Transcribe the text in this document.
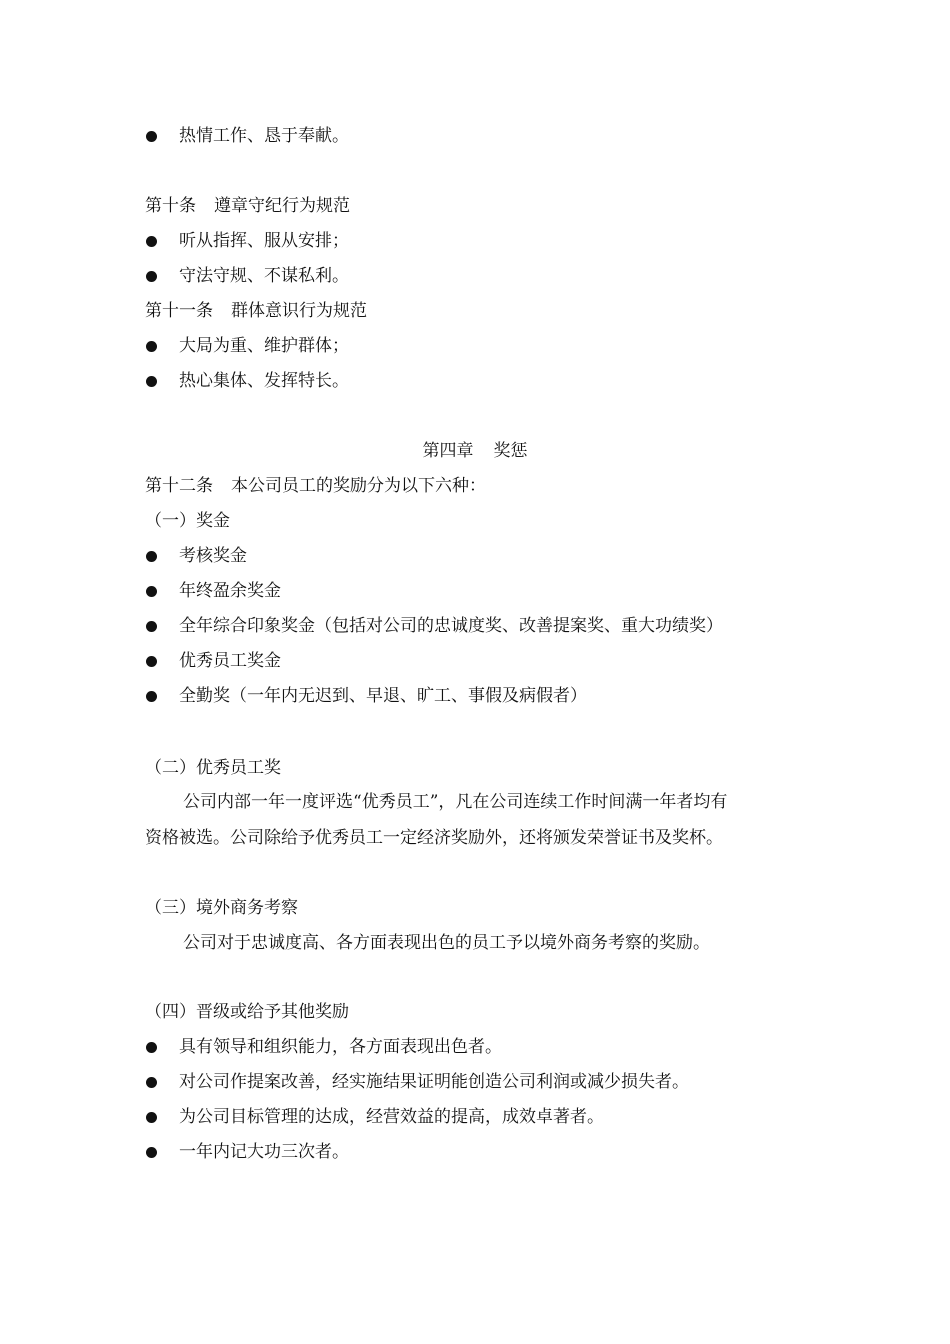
热情工作、恳于奉献。
第十条 遵章守纪行为规范
听从指挥、服从安排；
守法守规、不谋私利。
第十一条 群体意识行为规范
大局为重、维护群体；
热心集体、发挥特长。
第四章 奖惩
第十二条 本公司员工的奖励分为以下六种：
（一）奖金
考核奖金
年终盈余奖金
全年综合印象奖金（包括对公司的忠诚度奖、改善提案奖、重大功绩奖）
优秀员工奖金
全勤奖（一年内无迟到、早退、旷工、事假及病假者）
（二）优秀员工奖
公司内部一年一度评选“优秀员工”，凡在公司连续工作时间满一年者均有
资格被选。公司除给予优秀员工一定经济奖励外，还将颁发荣誉证书及奖杯。
（三）境外商务考察
公司对于忠诚度高、各方面表现出色的员工予以境外商务考察的奖励。
（四）晋级或给予其他奖励
具有领导和组织能力，各方面表现出色者。
对公司作提案改善，经实施结果证明能创造公司利润或减少损失者。
为公司目标管理的达成，经营效益的提高，成效卓著者。
一年内记大功三次者。
